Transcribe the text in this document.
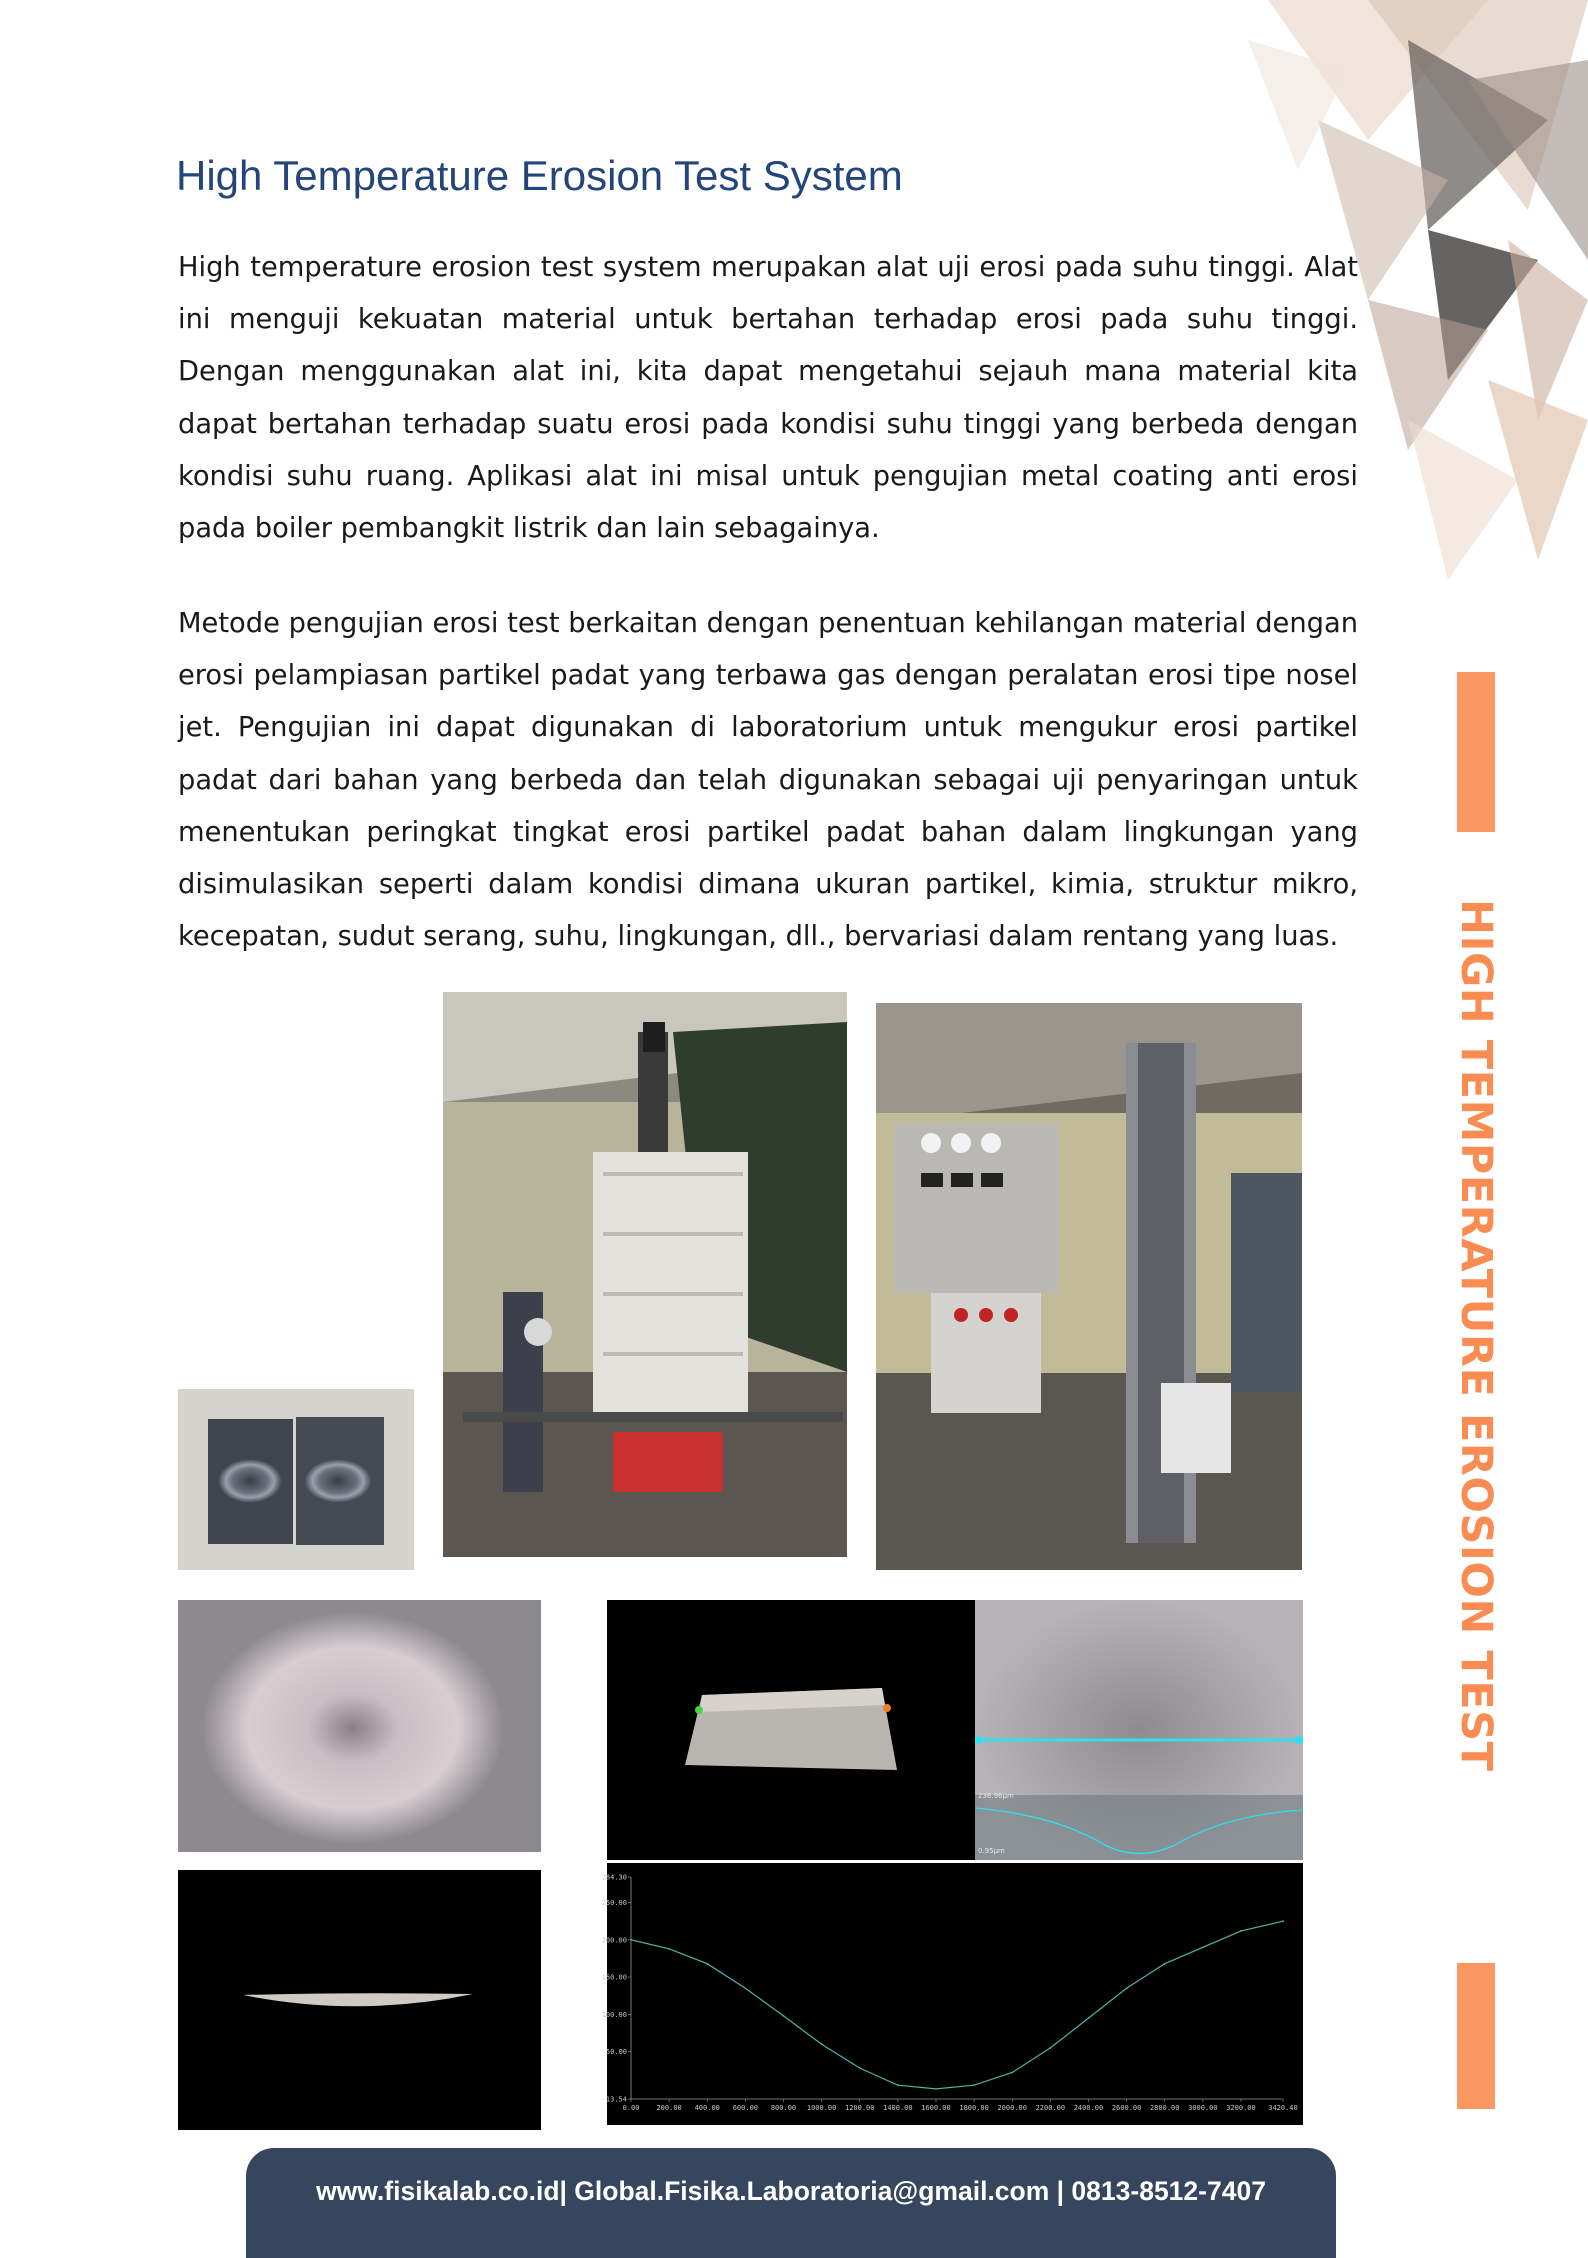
High Temperature Erosion Test System

High temperature erosion test system merupakan alat uji erosi pada suhu tinggi. Alat ini menguji kekuatan material untuk bertahan terhadap erosi pada suhu tinggi. Dengan menggunakan alat ini, kita dapat mengetahui sejauh mana material kita dapat bertahan terhadap suatu erosi pada kondisi suhu tinggi yang berbeda dengan kondisi suhu ruang. Aplikasi alat ini misal untuk pengujian metal coating anti erosi pada boiler pembangkit listrik dan lain sebagainya.

Metode pengujian erosi test berkaitan dengan penentuan kehilangan material dengan erosi pelampiasan partikel padat yang terbawa gas dengan peralatan erosi tipe nosel jet. Pengujian ini dapat digunakan di laboratorium untuk mengukur erosi partikel padat dari bahan yang berbeda dan telah digunakan sebagai uji penyaringan untuk menentukan peringkat tingkat erosi partikel padat bahan dalam lingkungan yang disimulasikan seperti dalam kondisi dimana ukuran partikel, kimia, struktur mikro, kecepatan, sudut serang, suhu, lingkungan, dll., bervariasi dalam rentang yang luas.	HIGH TEMPERATURE EROSION TEST
236.96µm
0.95µm
284.30
250.00
200.00
150.00
100.00
50.00
-13.54
0.00 200.00 400.00 600.00 800.00 1000.00 1200.00 1400.00 1600.00 1800.00 2000.00 2200.00 2400.00 2600.00 2800.00 3000.00 3200.00 3420.40
www.fisikalab.co.id| Global.Fisika.Laboratoria@gmail.com | 0813-8512-7407
